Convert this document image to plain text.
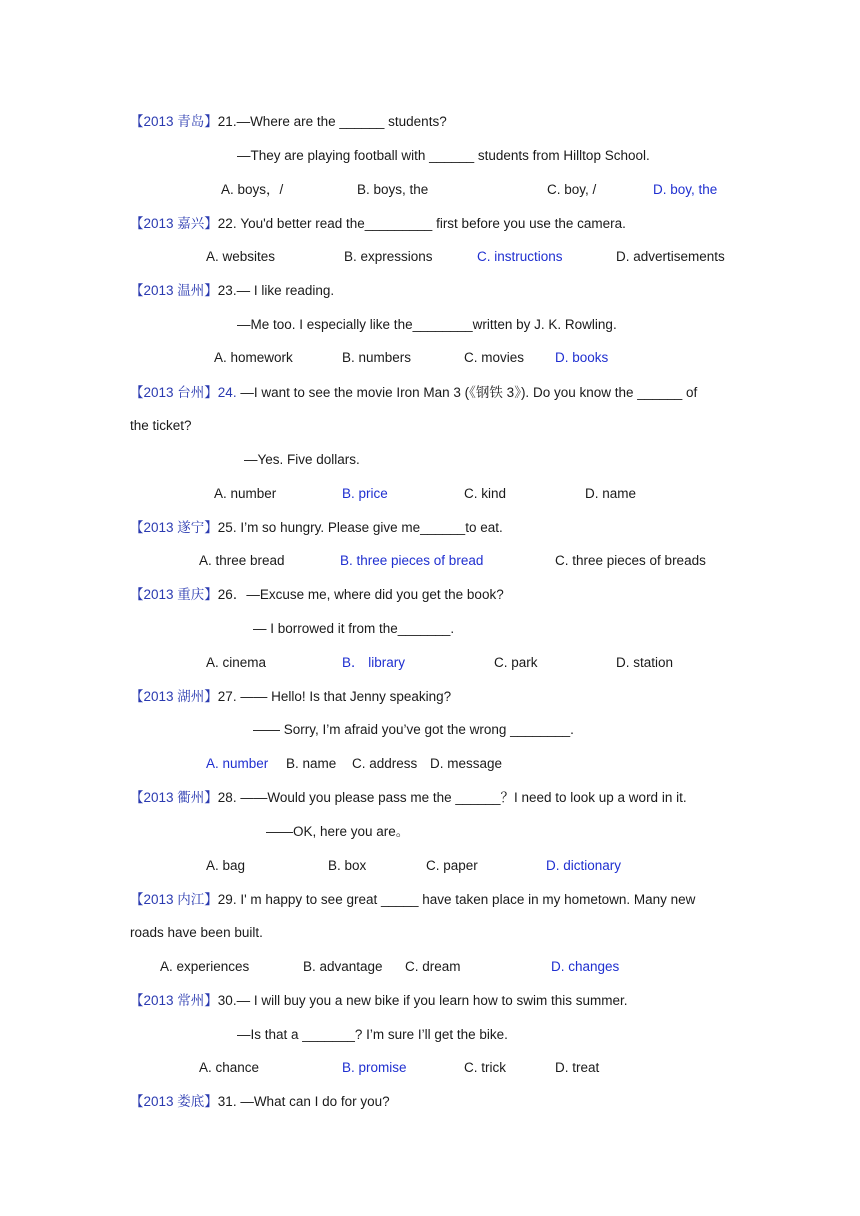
【2013 青岛】21.—Where are the ______ students?
—They are playing football with ______ students from Hilltop School.
A. boys，/	B. boys, the	C. boy, /	D. boy, the
【2013 嘉兴】22. You'd better read the_________ first before you use the camera.
A. websites	B. expressions	C. instructions	D. advertisements
【2013 温州】23.— I like reading.
—Me too. I especially like the________written by J. K. Rowling.
A. homework	B. numbers	C. movies D. books
【2013 台州】24. —I want to see the movie Iron Man 3 (《钢铁 3》). Do you know the ______ of
the ticket?
—Yes. Five dollars.
A. number	B. price	C. kind	D. name
【2013 遂宁】25. I’m so hungry. Please give me______to eat.
A. three bread	B. three pieces of bread	C. three pieces of breads
【2013 重庆】26．—Excuse me, where did you get the book?
— I borrowed it from the_______.
A. cinema	B． library	C. park	D. station
【2013 湖州】27. —— Hello! Is that Jenny speaking?
—— Sorry, I’m afraid you’ve got the wrong ________.
A. number B. name C. address D. message
【2013 衢州】28. ——Would you please pass me the ______？I need to look up a word in it.
——OK, here you are。
A. bag	B. box	C. paper	D. dictionary
【2013 内江】29. I' m happy to see great _____ have taken place in my hometown. Many new
roads have been built.
A. experiences	B. advantage C. dream	D. changes
【2013 常州】30.— I will buy you a new bike if you learn how to swim this summer.
—Is that a _______? I’m sure I’ll get the bike.
A. chance	B. promise	C. trick	D. treat
【2013 娄底】31. —What can I do for you?
